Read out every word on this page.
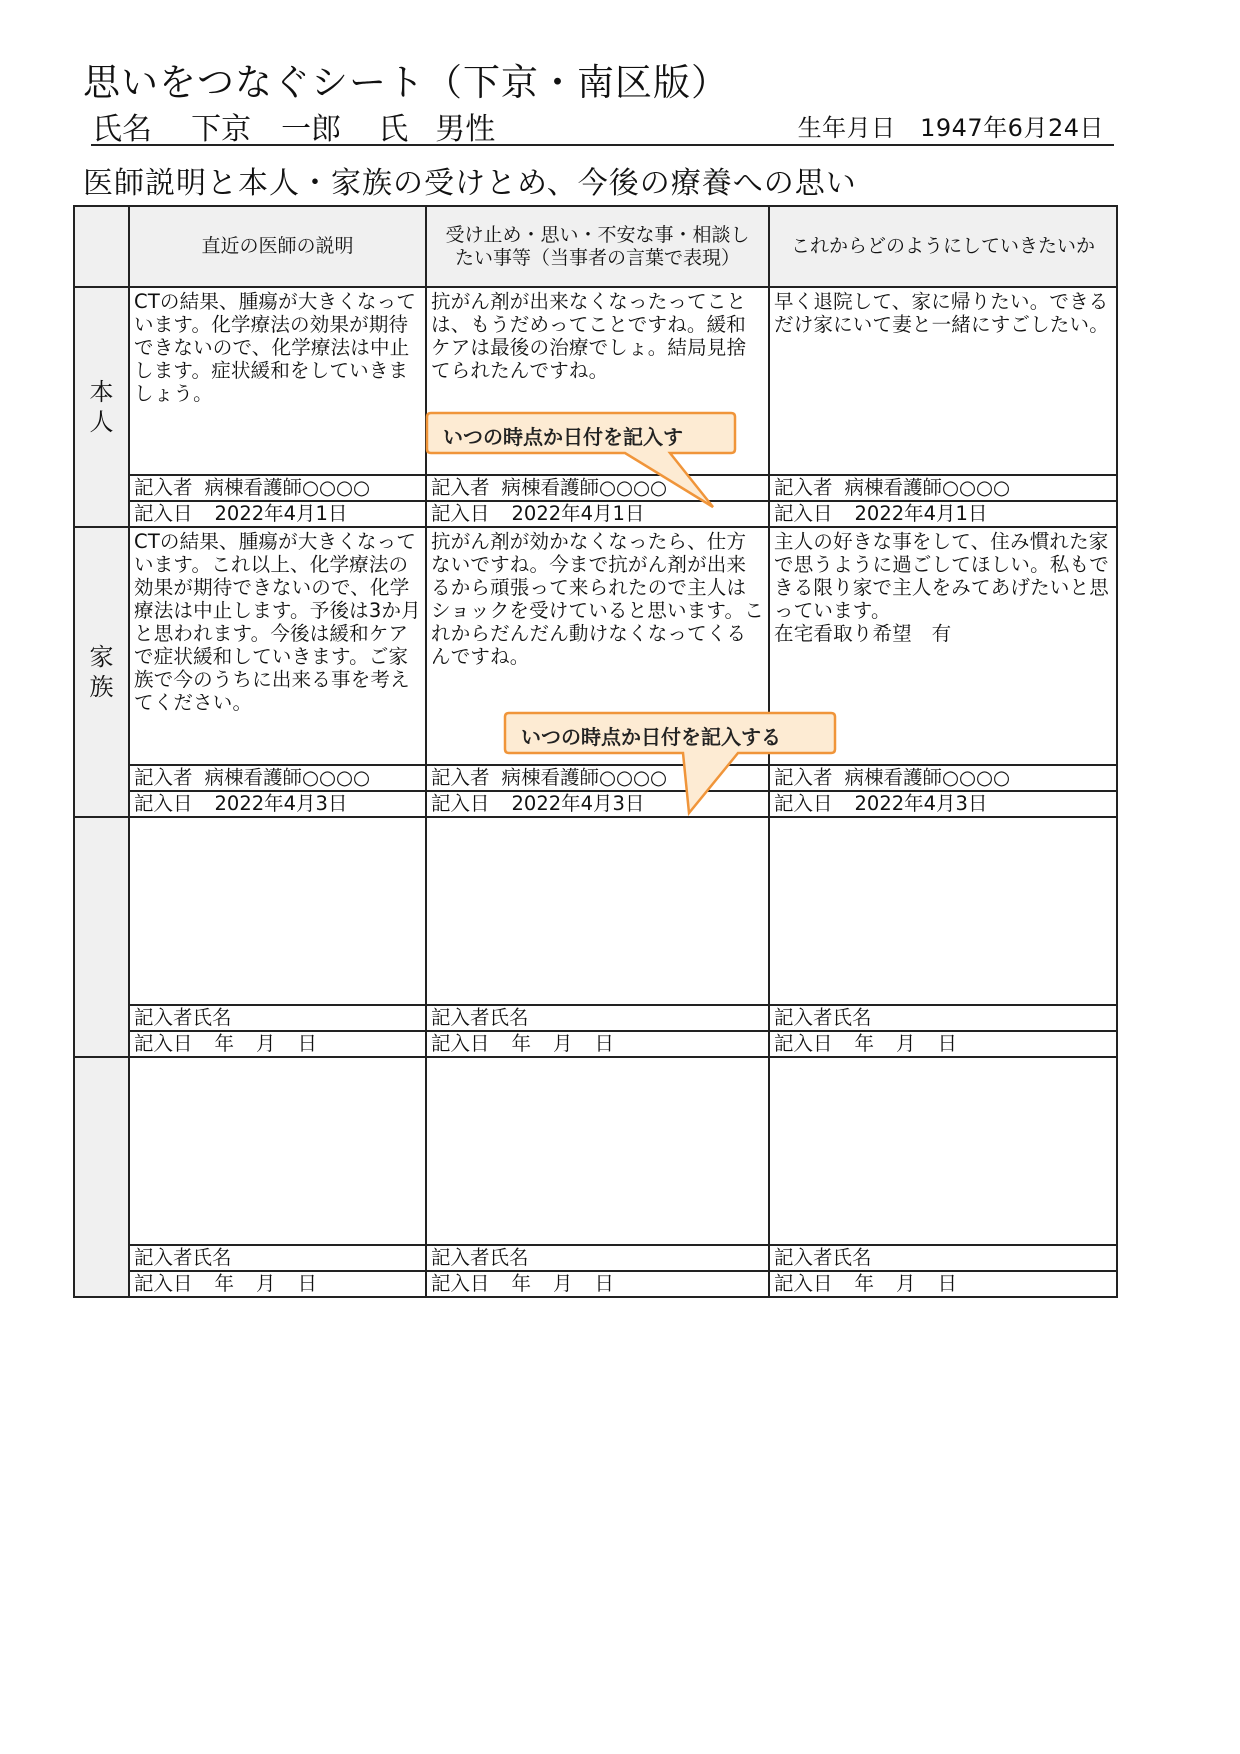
思いをつなぐシート（下京・南区版）
氏名 下京　一郎 氏 男性	生年月日　 1947年6月24日
医師説明と本人・家族の受けとめ、今後の療養への思い
	直近の医師の説明	受け止め・思い・不安な事・相談したい事等（当事者の言葉で表現）	これからどのようにしていきたいか
本人	CTの結果、腫瘍が大きくなっています。化学療法の効果が期待できないので、化学療法は中止します。症状緩和をしていきましょう。	抗がん剤が出来なくなったってことは、もうだめってことですね。緩和ケアは最後の治療でしょ。結局見捨てられたんですね。	早く退院して、家に帰りたい。できるだけ家にいて妻と一緒にすごしたい。
	記入者 病棟看護師○○○○	記入者 病棟看護師○○○○	記入者 病棟看護師○○○○
	記入日 2022年4月1日	記入日 2022年4月1日	記入日 2022年4月1日
家族	CTの結果、腫瘍が大きくなっています。これ以上、化学療法の効果が期待できないので、化学療法は中止します。予後は3か月と思われます。今後は緩和ケアで症状緩和していきます。ご家族で今のうちに出来る事を考えてください。	抗がん剤が効かなくなったら、仕方ないですね。今まで抗がん剤が出来るから頑張って来られたので主人はショックを受けていると思います。これからだんだん動けなくなってくるんですね。	主人の好きな事をして、住み慣れた家で思うように過ごしてほしい。私もできる限り家で主人をみてあげたいと思っています。
在宅看取り希望　有
	記入者 病棟看護師○○○○	記入者 病棟看護師○○○○	記入者 病棟看護師○○○○
	記入日 2022年4月3日	記入日 2022年4月3日	記入日 2022年4月3日

	記入者氏名	記入者氏名	記入者氏名
	記入日 年 月 日	記入日 年 月 日	記入日 年 月 日

	記入者氏名	記入者氏名	記入者氏名
	記入日 年 月 日	記入日 年 月 日	記入日 年 月 日
いつの時点か日付を記入す
いつの時点か日付を記入する
